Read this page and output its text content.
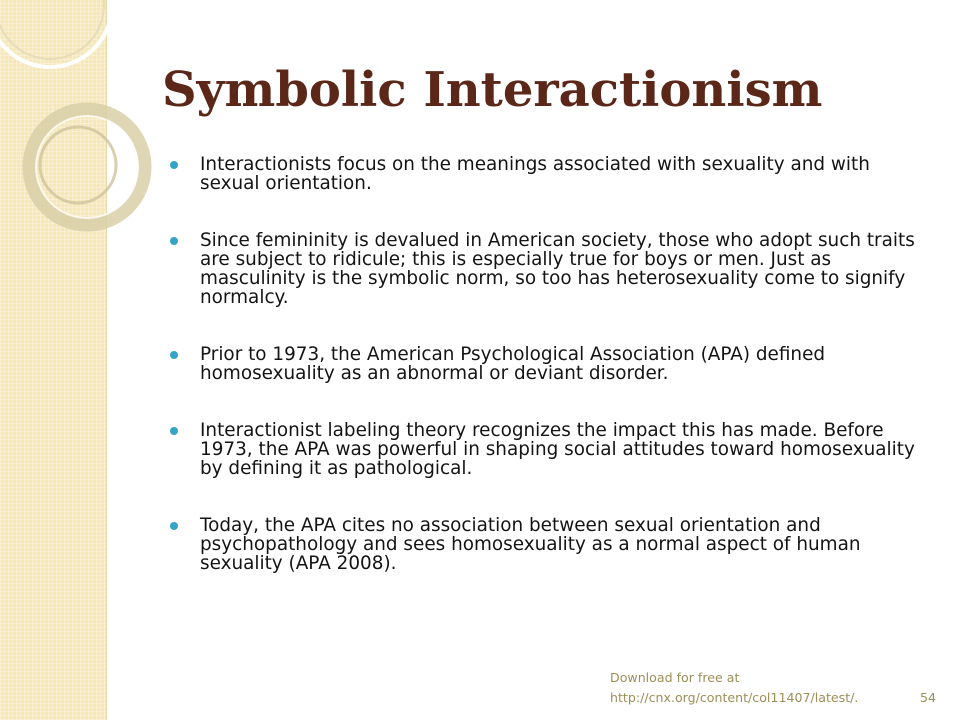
Symbolic Interactionism
Interactionists focus on the meanings associated with sexuality and with sexual orientation.
Since femininity is devalued in American society, those who adopt such traits are subject to ridicule; this is especially true for boys or men. Just as masculinity is the symbolic norm, so too has heterosexuality come to signify normalcy.
Prior to 1973, the American Psychological Association (APA) defined homosexuality as an abnormal or deviant disorder.
Interactionist labeling theory recognizes the impact this has made. Before 1973, the APA was powerful in shaping social attitudes toward homosexuality by defining it as pathological.
Today, the APA cites no association between sexual orientation and psychopathology and sees homosexuality as a normal aspect of human sexuality (APA 2008).
Download for free at
http://cnx.org/content/col11407/latest/.	54
